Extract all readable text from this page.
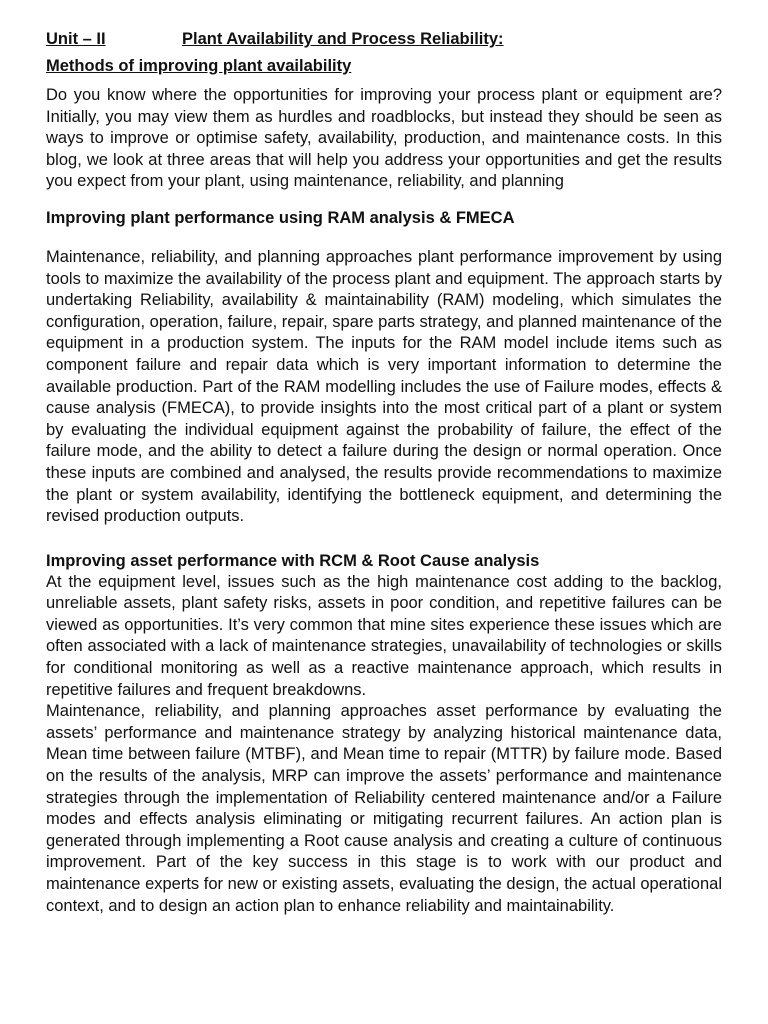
Unit – II	Plant Availability and Process Reliability:
Methods of improving plant availability

Do you know where the opportunities for improving your process plant or equipment are? Initially, you may view them as hurdles and roadblocks, but instead they should be seen as ways to improve or optimise safety, availability, production, and maintenance costs. In this blog, we look at three areas that will help you address your opportunities and get the results you expect from your plant, using maintenance, reliability, and planning

Improving plant performance using RAM analysis & FMECA

Maintenance, reliability, and planning approaches plant performance improvement by using tools to maximize the availability of the process plant and equipment. The approach starts by undertaking Reliability, availability & maintainability (RAM) modeling, which simulates the configuration, operation, failure, repair, spare parts strategy, and planned maintenance of the equipment in a production system. The inputs for the RAM model include items such as component failure and repair data which is very important information to determine the available production. Part of the RAM modelling includes the use of Failure modes, effects & cause analysis (FMECA), to provide insights into the most critical part of a plant or system by evaluating the individual equipment against the probability of failure, the effect of the failure mode, and the ability to detect a failure during the design or normal operation. Once these inputs are combined and analysed, the results provide recommendations to maximize the plant or system availability, identifying the bottleneck equipment, and determining the revised production outputs.

Improving asset performance with RCM & Root Cause analysis

At the equipment level, issues such as the high maintenance cost adding to the backlog, unreliable assets, plant safety risks, assets in poor condition, and repetitive failures can be viewed as opportunities. It’s very common that mine sites experience these issues which are often associated with a lack of maintenance strategies, unavailability of technologies or skills for conditional monitoring as well as a reactive maintenance approach, which results in repetitive failures and frequent breakdowns.

Maintenance, reliability, and planning approaches asset performance by evaluating the assets’ performance and maintenance strategy by analyzing historical maintenance data, Mean time between failure (MTBF), and Mean time to repair (MTTR) by failure mode. Based on the results of the analysis, MRP can improve the assets’ performance and maintenance strategies through the implementation of Reliability centered maintenance and/or a Failure modes and effects analysis eliminating or mitigating recurrent failures. An action plan is generated through implementing a Root cause analysis and creating a culture of continuous improvement. Part of the key success in this stage is to work with our product and maintenance experts for new or existing assets, evaluating the design, the actual operational context, and to design an action plan to enhance reliability and maintainability.
